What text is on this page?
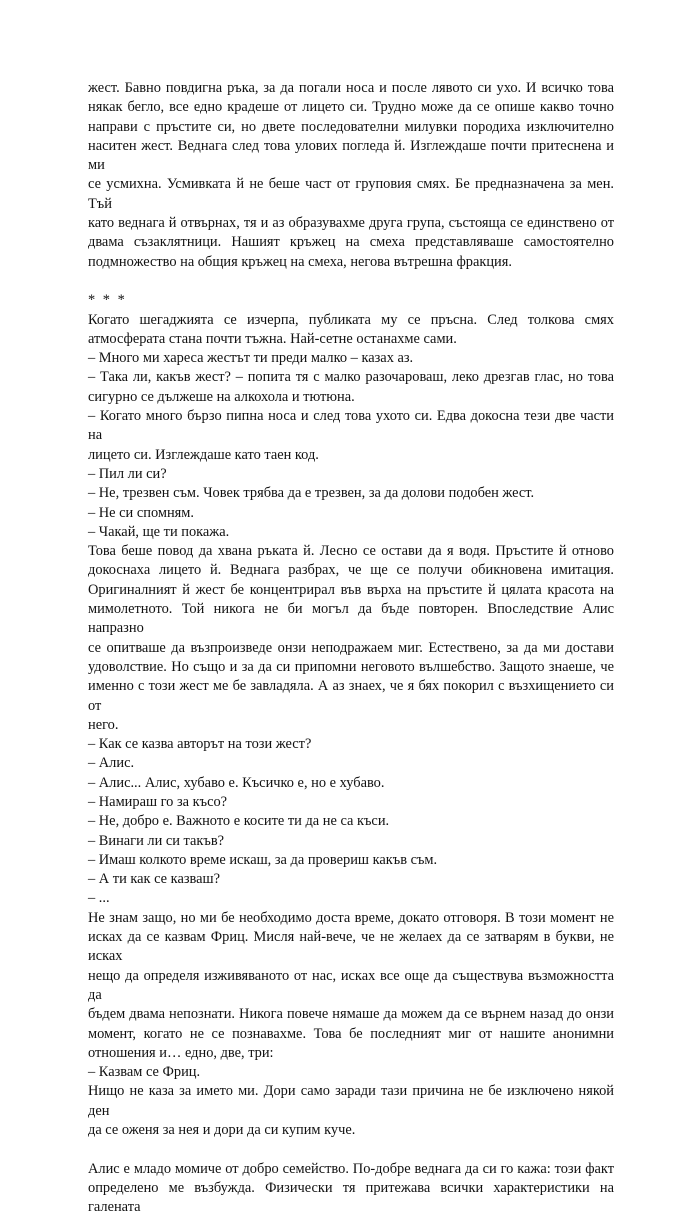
жест. Бавно повдигна ръка, за да погали носа и после лявото си ухо. И всичко това

някак бегло, все едно крадеше от лицето си. Трудно може да се опише какво точно

направи с пръстите си, но двете последователни милувки породиха изключително

наситен жест. Веднага след това улових погледа й. Изглеждаше почти притеснена и ми

се усмихна. Усмивката й не беше част от груповия смях. Бе предназначена за мен. Тъй

като веднага й отвърнах, тя и аз образувахме друга група, състояща се единствено от

двама съзаклятници. Нашият кръжец на смеха представляваше самостоятелно

подмножество на общия кръжец на смеха, негова вътрешна фракция.

* * *

Когато шегаджията се изчерпа, публиката му се пръсна. След толкова смях

атмосферата стана почти тъжна. Най-сетне останахме сами.

– Много ми хареса жестът ти преди малко – казах аз.

– Така ли, какъв жест? – попита тя с малко разочароваш, леко дрезгав глас, но това

сигурно се дължеше на алкохола и тютюна.

– Когато много бързо пипна носа и след това ухото си. Едва докосна тези две части на

лицето си. Изглеждаше като таен код.

– Пил ли си?

– Не, трезвен съм. Човек трябва да е трезвен, за да долови подобен жест.

– Не си спомням.

– Чакай, ще ти покажа.

Това беше повод да хвана ръката й. Лесно се остави да я водя. Пръстите й отново

докоснаха лицето й. Веднага разбрах, че ще се получи обикновена имитация.

Оригиналният й жест бе концентрирал във върха на пръстите й цялата красота на

мимолетното. Той никога не би могъл да бъде повторен. Впоследствие Алис напразно

се опитваше да възпроизведе онзи неподражаем миг. Естествено, за да ми достави

удоволствие. Но също и за да си припомни неговото вълшебство. Защото знаеше, че

именно с този жест ме бе завладяла. А аз знаех, че я бях покорил с възхищението си от

него.

– Как се казва авторът на този жест?

– Алис.

– Алис... Алис, хубаво е. Късичко е, но е хубаво.

– Намираш го за късо?

– Не, добро е. Важното е косите ти да не са къси.

– Винаги ли си такъв?

– Имаш колкото време искаш, за да провериш какъв съм.

– А ти как се казваш?

– ...

Не знам защо, но ми бе необходимо доста време, докато отговоря. В този момент не

исках да се казвам Фриц. Мисля най-вече, че не желаех да се затварям в букви, не исках

нещо да определя изживяваното от нас, исках все още да съществува възможността да

бъдем двама непознати. Никога повече нямаше да можем да се върнем назад до онзи

момент, когато не се познавахме. Това бе последният миг от нашите анонимни

отношения и… едно, две, три:

– Казвам се Фриц.

Нищо не каза за името ми. Дори само заради тази причина не бе изключено някой ден

да се оженя за нея и дори да си купим куче.

Алис е младо момиче от добро семейство. По-добре веднага да си го кажа: този факт

определено ме възбужда. Физически тя притежава всички характеристики на галената
